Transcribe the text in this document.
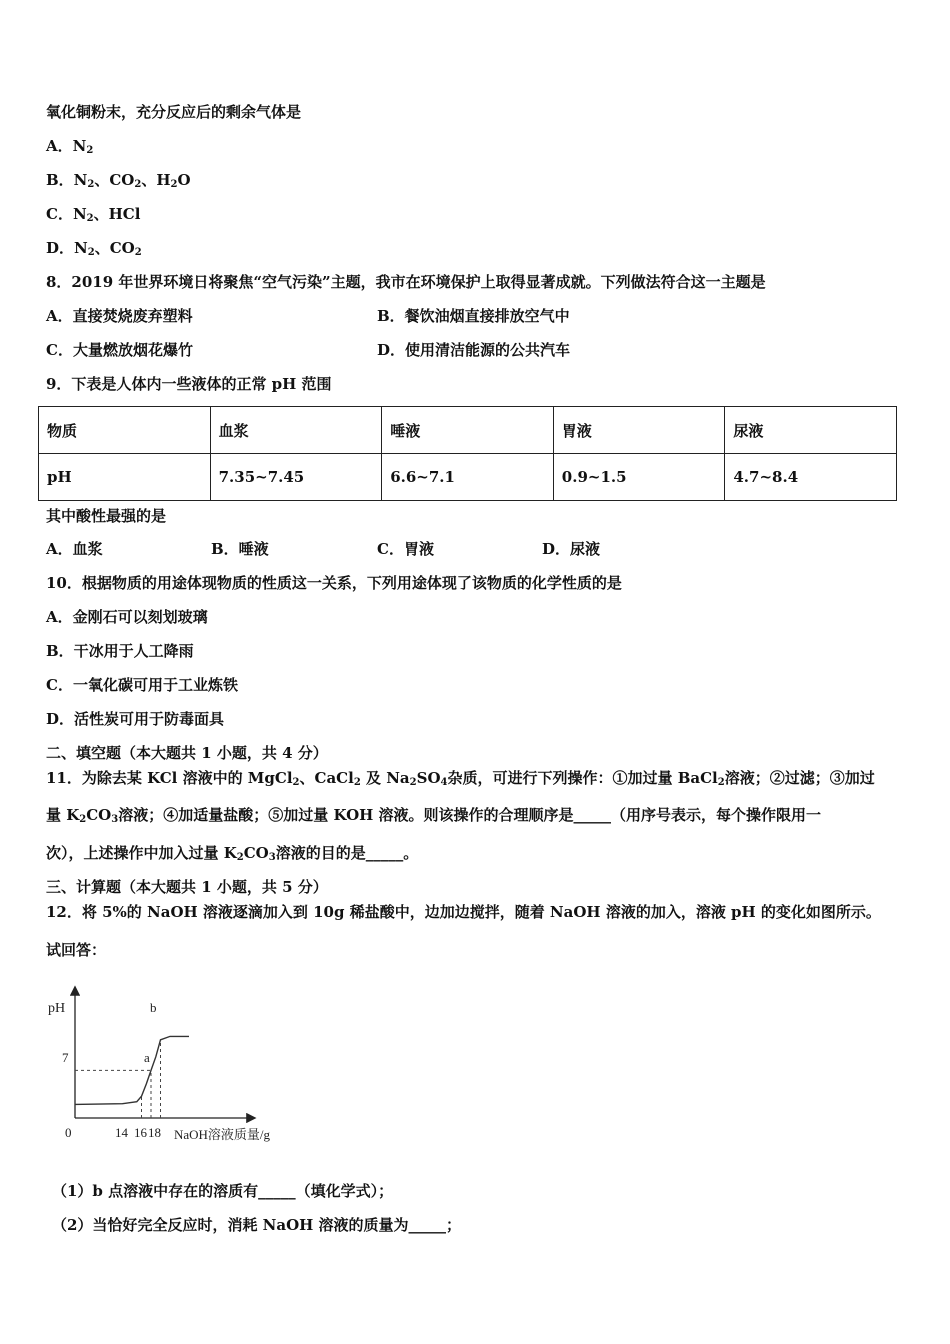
氧化铜粉末，充分反应后的剩余气体是
A．$N_2$
B．$N_2$、$CO_2$、$H_2O$
C．$N_2$、HCl
D．$N_2$、$CO_2$
8．2019 年世界环境日将聚焦“空气污染”主题，我市在环境保护上取得显著成就。下列做法符合这一主题是
A．直接焚烧废弃塑料	B．餐饮油烟直接排放空气中
C．大量燃放烟花爆竹	D．使用清洁能源的公共汽车
9．下表是人体内一些液体的正常 pH 范围
物质	血浆	唾液	胃液	尿液
pH	7.35~7.45	6.6~7.1	0.9~1.5	4.7~8.4
其中酸性最强的是
A．血浆	B．唾液	C．胃液	D．尿液
10．根据物质的用途体现物质的性质这一关系，下列用途体现了该物质的化学性质的是
A．金刚石可以刻划玻璃
B．干冰用于人工降雨
C．一氧化碳可用于工业炼铁
D．活性炭可用于防毒面具
二、填空题（本大题共 1 小题，共 4 分）
11．为除去某 KCl 溶液中的 MgCl$_2$、CaCl$_2$ 及 $Na_2SO_4$杂质，可进行下列操作：①加过量 BaCl$_2$溶液；②过滤；③加过
量 $K_2CO_3$溶液；④加适量盐酸；⑤加过量 KOH 溶液。则该操作的合理顺序是_____（用序号表示，每个操作限用一
次），上述操作中加入过量 $K_2CO_3$溶液的目的是_____。
三、计算题（本大题共 1 小题，共 5 分）
12．将 5%的 NaOH 溶液逐滴加入到 10g 稀盐酸中，边加边搅拌，随着 NaOH 溶液的加入，溶液 pH 的变化如图所示。
试回答：
pH
7
0	14 16 18 NaOH溶液质量/g
a
b
（1）b 点溶液中存在的溶质有_____（填化学式）；
（2）当恰好完全反应时，消耗 NaOH 溶液的质量为_____；
